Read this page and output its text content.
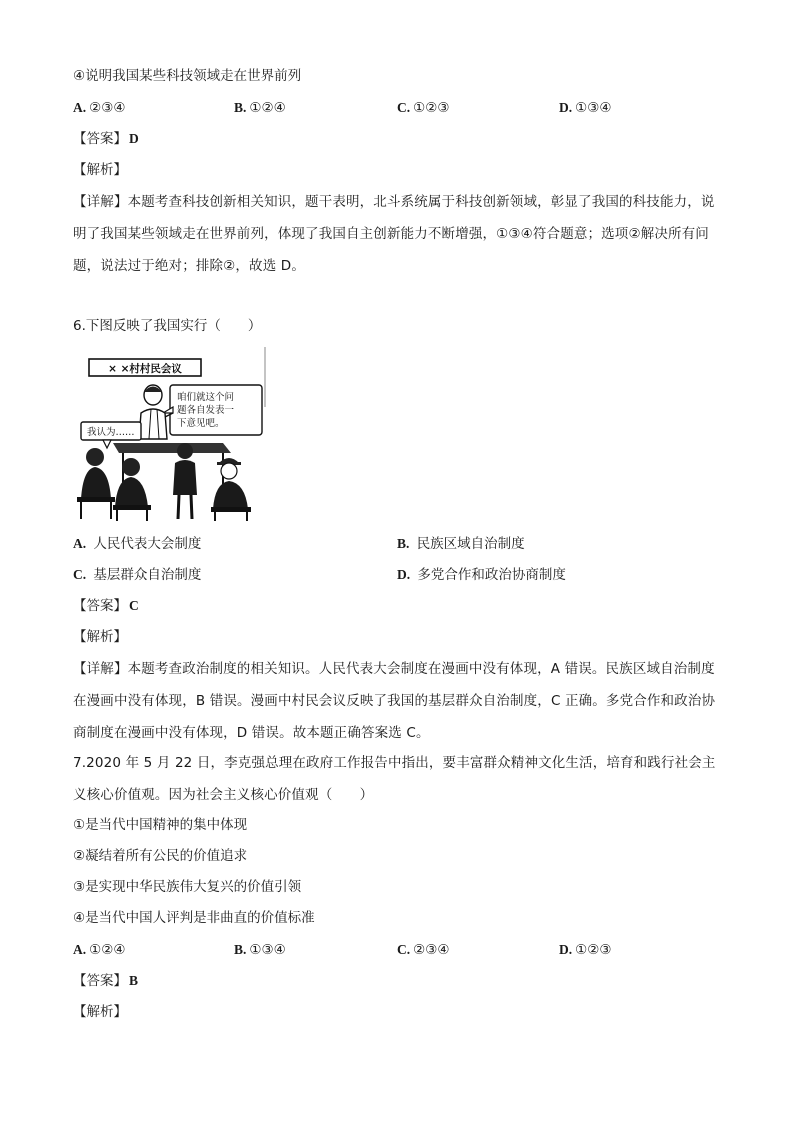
④说明我国某些科技领域走在世界前列
A. ②③④	B. ①②④	C. ①②③	D. ①③④
【答案】 D
【解析】
【详解】本题考查科技创新相关知识，题干表明，北斗系统属于科技创新领域，彰显了我国的科技能力，说明了我国某些领域走在世界前列，体现了我国自主创新能力不断增强，①③④符合题意；选项②解决所有问题，说法过于绝对；排除②，故选 D。
6.下图反映了我国实行（　　）
× ×村村民会议
咱们就这个问 题各自发表一 下意见吧。
我认为……
A. 人民代表大会制度	B. 民族区域自治制度
C. 基层群众自治制度	D. 多党合作和政治协商制度
【答案】 C
【解析】
【详解】本题考查政治制度的相关知识。人民代表大会制度在漫画中没有体现，A 错误。民族区域自治制度在漫画中没有体现，B 错误。漫画中村民会议反映了我国的基层群众自治制度，C 正确。多党合作和政治协商制度在漫画中没有体现，D 错误。故本题正确答案选 C。
7.2020 年 5 月 22 日，李克强总理在政府工作报告中指出，要丰富群众精神文化生活，培育和践行社会主义核心价值观。因为社会主义核心价值观（　　）
①是当代中国精神的集中体现
②凝结着所有公民的价值追求
③是实现中华民族伟大复兴的价值引领
④是当代中国人评判是非曲直的价值标准
A. ①②④	B. ①③④	C. ②③④	D. ①②③
【答案】 B
【解析】
